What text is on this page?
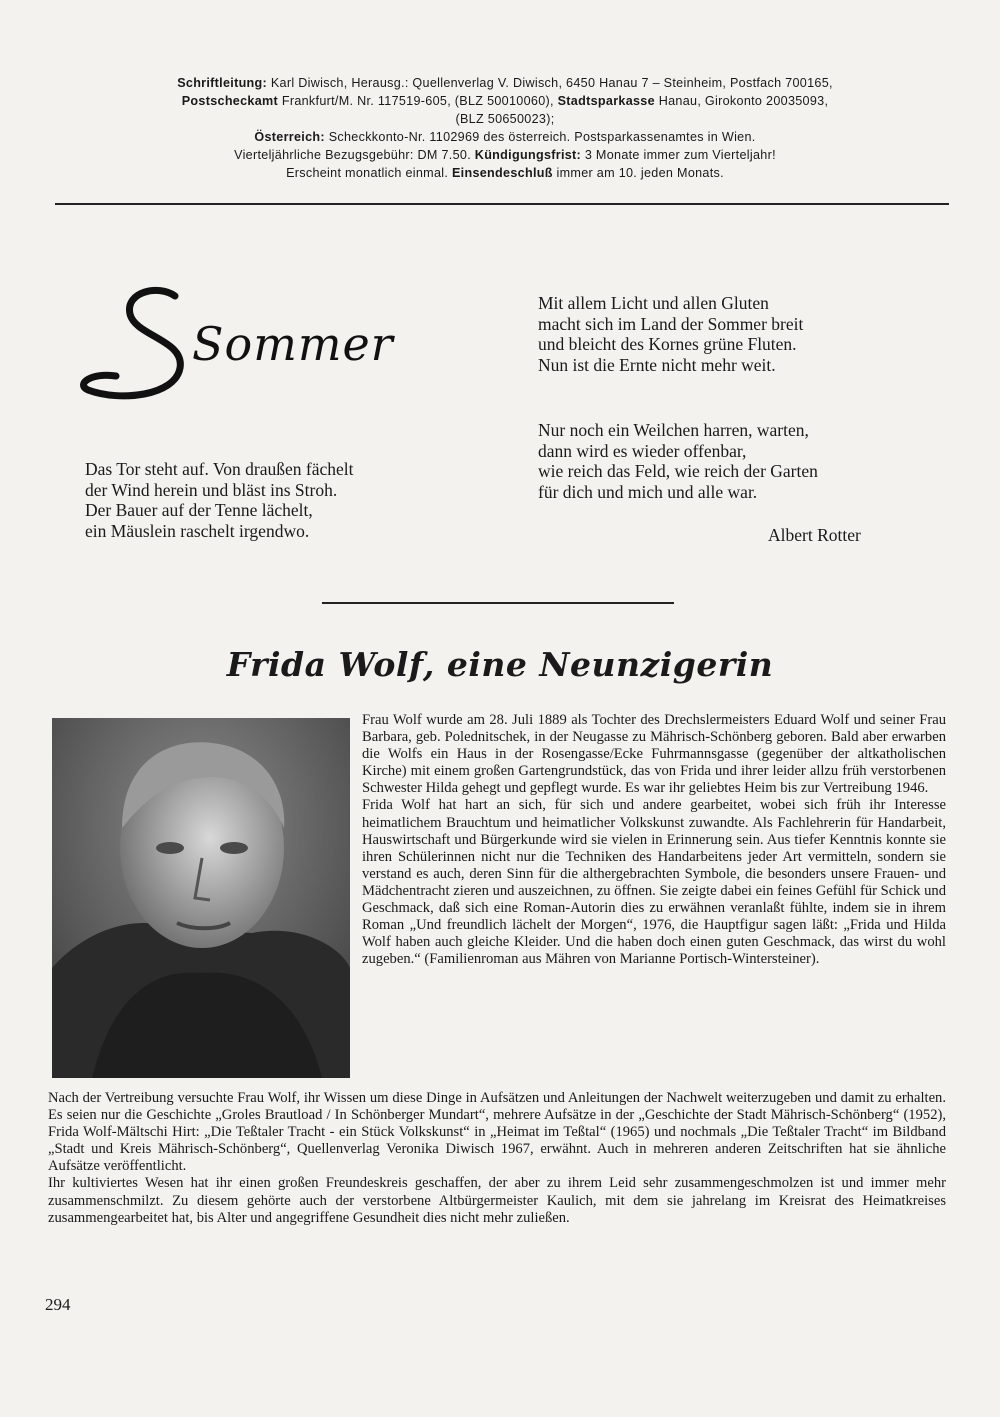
Schriftleitung: Karl Diwisch, Herausg.: Quellenverlag V. Diwisch, 6450 Hanau 7 – Steinheim, Postfach 700165,
Postscheckamt Frankfurt/M. Nr. 117519-605, (BLZ 50010060), Stadtsparkasse Hanau, Girokonto 20035093,
(BLZ 50650023);
Österreich: Scheckkonto-Nr. 1102969 des österreich. Postsparkassenamtes in Wien.
Vierteljährliche Bezugsgebühr: DM 7.50. Kündigungsfrist: 3 Monate immer zum Vierteljahr!
Erscheint monatlich einmal. Einsendeschluß immer am 10. jeden Monats.
Sommer
Das Tor steht auf. Von draußen fächelt
der Wind herein und bläst ins Stroh.
Der Bauer auf der Tenne lächelt,
ein Mäuslein raschelt irgendwo.
Mit allem Licht und allen Gluten
macht sich im Land der Sommer breit
und bleicht des Kornes grüne Fluten.
Nun ist die Ernte nicht mehr weit.
Nur noch ein Weilchen harren, warten,
dann wird es wieder offenbar,
wie reich das Feld, wie reich der Garten
für dich und mich und alle war.
Albert Rotter
Frida Wolf, eine Neunzigerin

Frau Wolf wurde am 28. Juli 1889 als Tochter des Drechslermeisters Eduard Wolf und seiner Frau Barbara, geb. Polednitschek, in der Neugasse zu Mährisch-Schönberg geboren. Bald aber erwarben die Wolfs ein Haus in der Rosengasse/Ecke Fuhrmannsgasse (gegenüber der altkatholischen Kirche) mit einem großen Gartengrundstück, das von Frida und ihrer leider allzu früh verstorbenen Schwester Hilda gehegt und gepflegt wurde. Es war ihr geliebtes Heim bis zur Vertreibung 1946.

Frida Wolf hat hart an sich, für sich und andere gearbeitet, wobei sich früh ihr Interesse heimatlichem Brauchtum und heimatlicher Volkskunst zuwandte. Als Fachlehrerin für Handarbeit, Hauswirtschaft und Bürgerkunde wird sie vielen in Erinnerung sein. Aus tiefer Kenntnis konnte sie ihren Schülerinnen nicht nur die Techniken des Handarbeitens jeder Art vermitteln, sondern sie verstand es auch, deren Sinn für die althergebrachten Symbole, die besonders unsere Frauen- und Mädchentracht zieren und auszeichnen, zu öffnen. Sie zeigte dabei ein feines Gefühl für Schick und Geschmack, daß sich eine Roman-Autorin dies zu erwähnen veranlaßt fühlte, indem sie in ihrem Roman „Und freundlich lächelt der Morgen“, 1976, die Hauptfigur sagen läßt: „Frida und Hilda Wolf haben auch gleiche Kleider. Und die haben doch einen guten Geschmack, das wirst du wohl zugeben.“ (Familienroman aus Mähren von Marianne Portisch-Wintersteiner).

Nach der Vertreibung versuchte Frau Wolf, ihr Wissen um diese Dinge in Aufsätzen und Anleitungen der Nachwelt weiterzugeben und damit zu erhalten. Es seien nur die Geschichte „Groles Brautload / In Schönberger Mundart“, mehrere Aufsätze in der „Geschichte der Stadt Mährisch-Schönberg“ (1952), Frida Wolf-Mältschi Hirt: „Die Teßtaler Tracht - ein Stück Volkskunst“ in „Heimat im Teßtal“ (1965) und nochmals „Die Teßtaler Tracht“ im Bildband „Stadt und Kreis Mährisch-Schönberg“, Quellenverlag Veronika Diwisch 1967, erwähnt. Auch in mehreren anderen Zeitschriften hat sie ähnliche Aufsätze veröffentlicht.

Ihr kultiviertes Wesen hat ihr einen großen Freundeskreis geschaffen, der aber zu ihrem Leid sehr zusammengeschmolzen ist und immer mehr zusammenschmilzt. Zu diesem gehörte auch der verstorbene Altbürgermeister Kaulich, mit dem sie jahrelang im Kreisrat des Heimatkreises zusammengearbeitet hat, bis Alter und angegriffene Gesundheit dies nicht mehr zuließen.

294
